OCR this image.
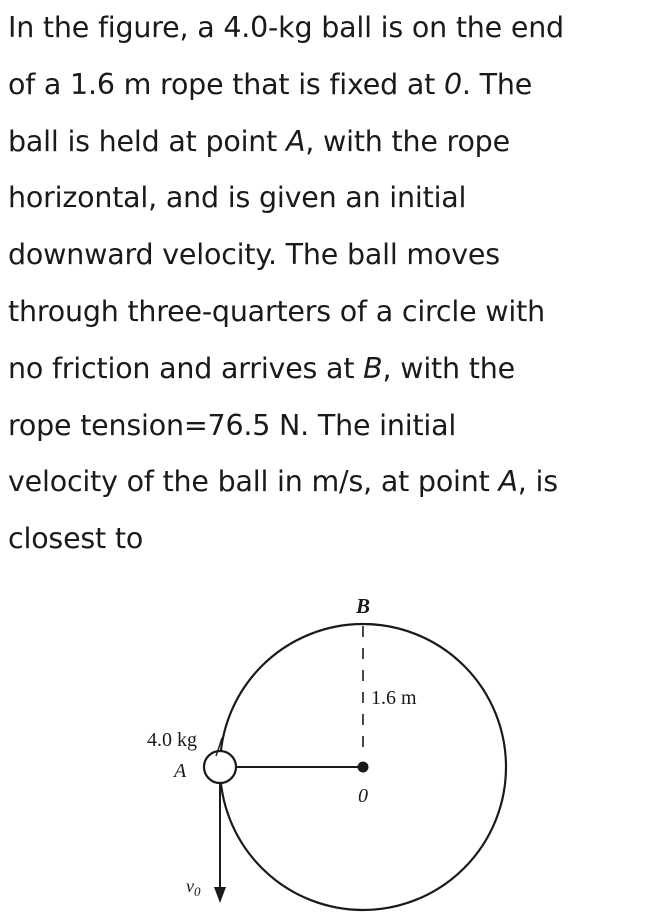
In the figure, a 4.0-kg ball is on the end
of a 1.6 m rope that is fixed at 0. The
ball is held at point A, with the rope
horizontal, and is given an initial
downward velocity. The ball moves
through three-quarters of a circle with
no friction and arrives at B, with the
rope tension=76.5 N. The initial
velocity of the ball in m/s, at point A, is
closest to
B
1.6 m
4.0 kg
A
0
$v_0$
